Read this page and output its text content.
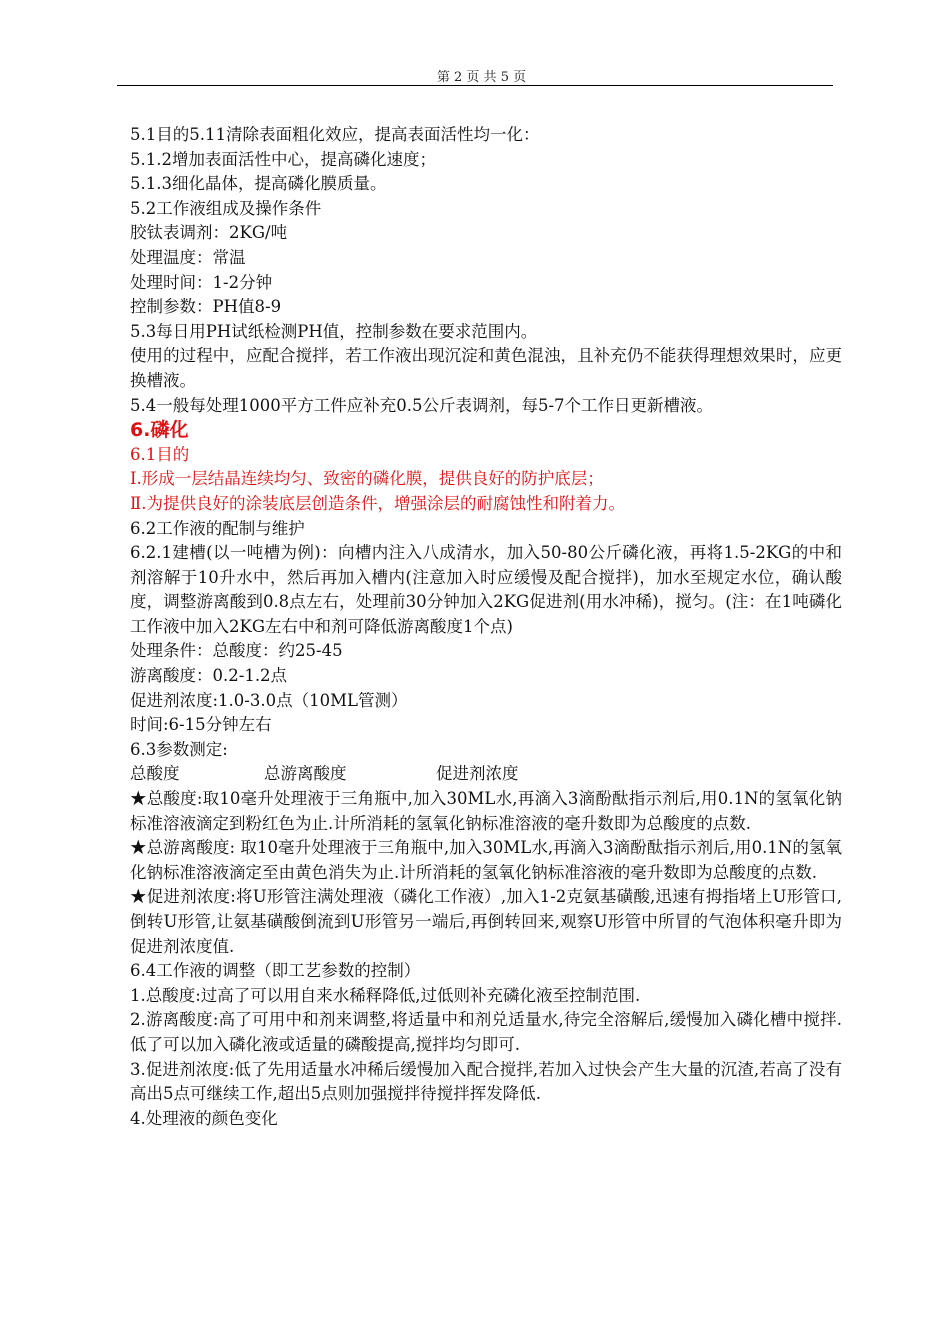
第 2 页 共 5 页
5.1目的5.11清除表面粗化效应，提高表面活性均一化：
5.1.2增加表面活性中心，提高磷化速度；
5.1.3细化晶体，提高磷化膜质量。
5.2工作液组成及操作条件
胶钛表调剂：2KG/吨
处理温度：常温
处理时间：1-2分钟
控制参数：PH值8-9
5.3每日用PH试纸检测PH值，控制参数在要求范围内。
使用的过程中，应配合搅拌，若工作液出现沉淀和黄色混浊，且补充仍不能获得理想效果时，应更换槽液。
5.4一般每处理1000平方工件应补充0.5公斤表调剂，每5-7个工作日更新槽液。
6.磷化
6.1目的
Ⅰ.形成一层结晶连续均匀、致密的磷化膜，提供良好的防护底层；
Ⅱ.为提供良好的涂装底层创造条件，增强涂层的耐腐蚀性和附着力。
6.2工作液的配制与维护
6.2.1建槽(以一吨槽为例)：向槽内注入八成清水，加入50-80公斤磷化液，再将1.5-2KG的中和剂溶解于10升水中，然后再加入槽内(注意加入时应缓慢及配合搅拌)，加水至规定水位，确认酸度，调整游离酸到0.8点左右，处理前30分钟加入2KG促进剂(用水冲稀)，搅匀。(注：在1吨磷化工作液中加入2KG左右中和剂可降低游离酸度1个点)
处理条件：总酸度：约25-45
游离酸度：0.2-1.2点
促进剂浓度:1.0-3.0点（10ML管测）
时间:6-15分钟左右
6.3参数测定:
总酸度	总游离酸度	促进剂浓度
★总酸度:取10毫升处理液于三角瓶中,加入30ML水,再滴入3滴酚酞指示剂后,用0.1N的氢氧化钠标准溶液滴定到粉红色为止.计所消耗的氢氧化钠标准溶液的毫升数即为总酸度的点数.
★总游离酸度: 取10毫升处理液于三角瓶中,加入30ML水,再滴入3滴酚酞指示剂后,用0.1N的氢氧化钠标准溶液滴定至由黄色消失为止.计所消耗的氢氧化钠标准溶液的毫升数即为总酸度的点数.
★促进剂浓度:将U形管注满处理液（磷化工作液）,加入1-2克氨基磺酸,迅速有拇指堵上U形管口,倒转U形管,让氨基磺酸倒流到U形管另一端后,再倒转回来,观察U形管中所冒的气泡体积毫升即为促进剂浓度值.
6.4工作液的调整（即工艺参数的控制）
1.总酸度:过高了可以用自来水稀释降低,过低则补充磷化液至控制范围.
2.游离酸度:高了可用中和剂来调整,将适量中和剂兑适量水,待完全溶解后,缓慢加入磷化槽中搅拌.低了可以加入磷化液或适量的磷酸提高,搅拌均匀即可.
3.促进剂浓度:低了先用适量水冲稀后缓慢加入配合搅拌,若加入过快会产生大量的沉渣,若高了没有高出5点可继续工作,超出5点则加强搅拌待搅拌挥发降低.
4.处理液的颜色变化
